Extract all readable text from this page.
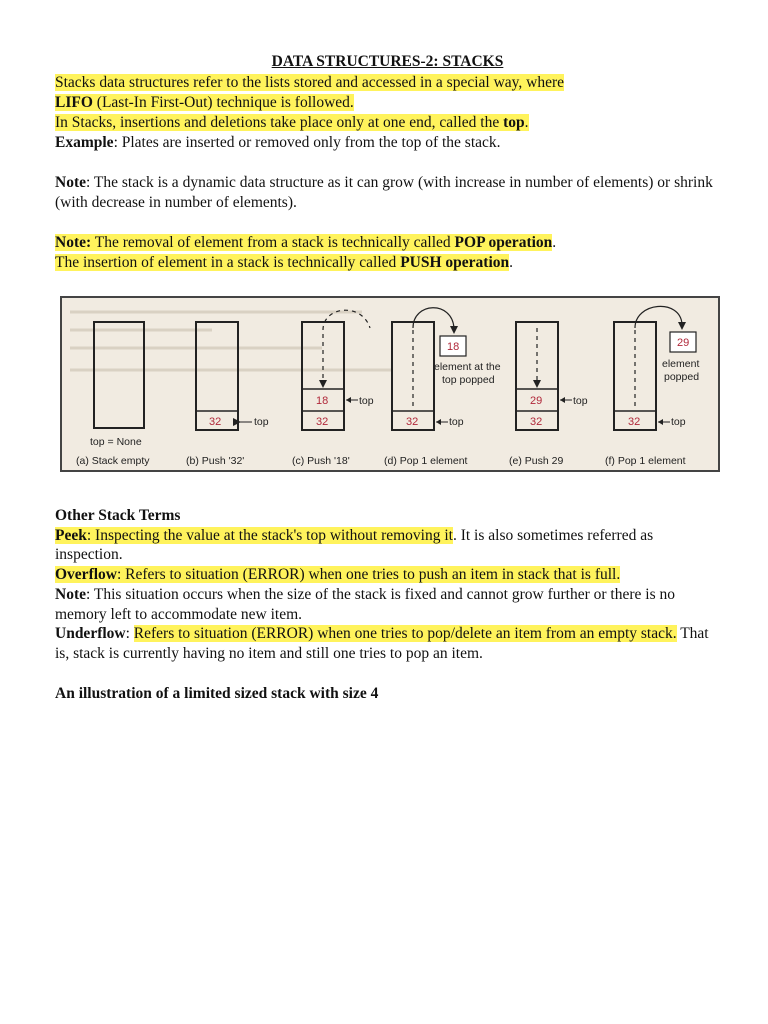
DATA STRUCTURES-2: STACKS

Stacks data structures refer to the lists stored and accessed in a special way, where
LIFO (Last-In First-Out) technique is followed.
In Stacks, insertions and deletions take place only at one end, called the top.
Example: Plates are inserted or removed only from the top of the stack.

Note: The stack is a dynamic data structure as it can grow (with increase in number of elements) or shrink (with decrease in number of elements).

Note: The removal of element from a stack is technically called POP operation.
The insertion of element in a stack is technically called PUSH operation.

top = None
32	top
18
32
top
18
element at the
top popped
32	top
29
32
top
29
element
popped
32	top
(a) Stack empty	(b) Push '32'	(c) Push '18'	(d) Pop 1 element	(e) Push 29	(f) Pop 1 element

Other Stack Terms

Peek: Inspecting the value at the stack's top without removing it. It is also sometimes referred as inspection.

Overflow: Refers to situation (ERROR) when one tries to push an item in stack that is full.

Note: This situation occurs when the size of the stack is fixed and cannot grow further or there is no memory left to accommodate new item.

Underflow: Refers to situation (ERROR) when one tries to pop/delete an item from an empty stack. That is, stack is currently having no item and still one tries to pop an item.

An illustration of a limited sized stack with size 4
